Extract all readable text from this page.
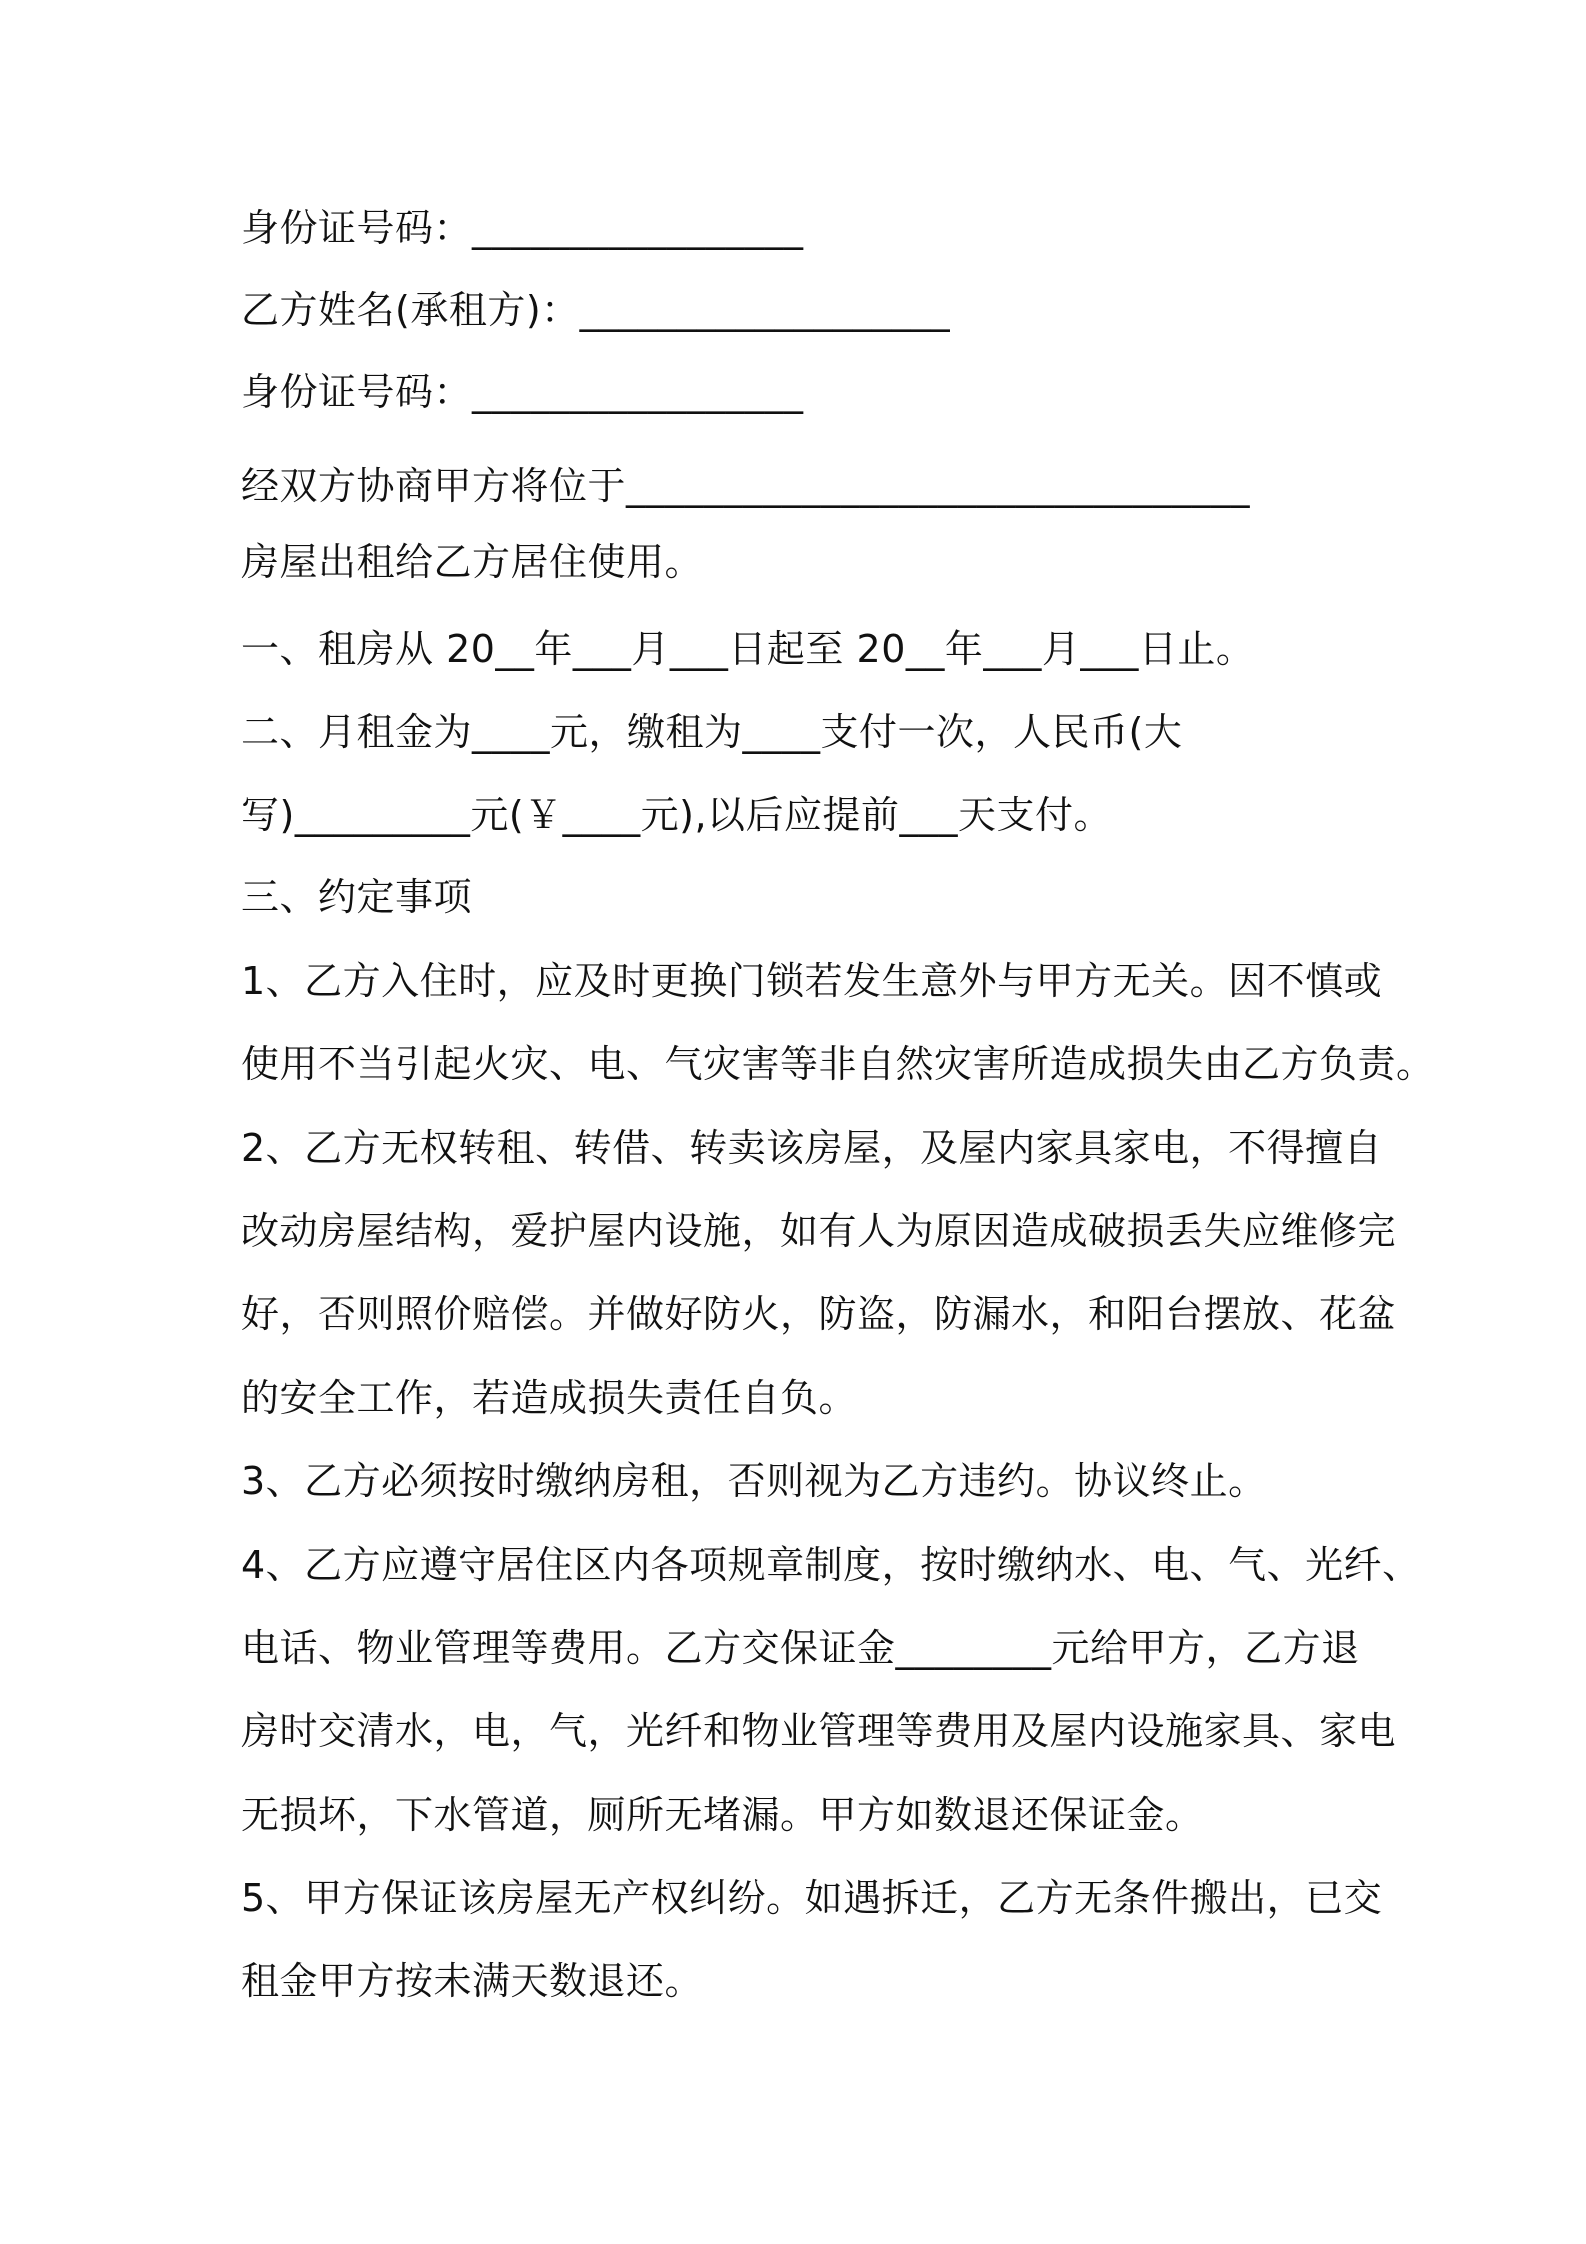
身份证号码：_________________
乙方姓名(承租方)：___________________
身份证号码：_________________
经双方协商甲方将位于________________________________
房屋出租给乙方居住使用。
一、租房从 20__年___月___日起至 20__年___月___日止。
二、月租金为____元，缴租为____支付一次，人民币(大
写)_________元(￥____元),以后应提前___天支付。
三、约定事项
1、乙方入住时，应及时更换门锁若发生意外与甲方无关。因不慎或
使用不当引起火灾、电、气灾害等非自然灾害所造成损失由乙方负责。
2、乙方无权转租、转借、转卖该房屋，及屋内家具家电，不得擅自
改动房屋结构，爱护屋内设施，如有人为原因造成破损丢失应维修完
好，否则照价赔偿。并做好防火，防盗，防漏水，和阳台摆放、花盆
的安全工作，若造成损失责任自负。
3、乙方必须按时缴纳房租，否则视为乙方违约。协议终止。
4、乙方应遵守居住区内各项规章制度，按时缴纳水、电、气、光纤、
电话、物业管理等费用。乙方交保证金________元给甲方，乙方退
房时交清水，电，气，光纤和物业管理等费用及屋内设施家具、家电
无损坏，下水管道，厕所无堵漏。甲方如数退还保证金。
5、甲方保证该房屋无产权纠纷。如遇拆迁，乙方无条件搬出，已交
租金甲方按未满天数退还。
